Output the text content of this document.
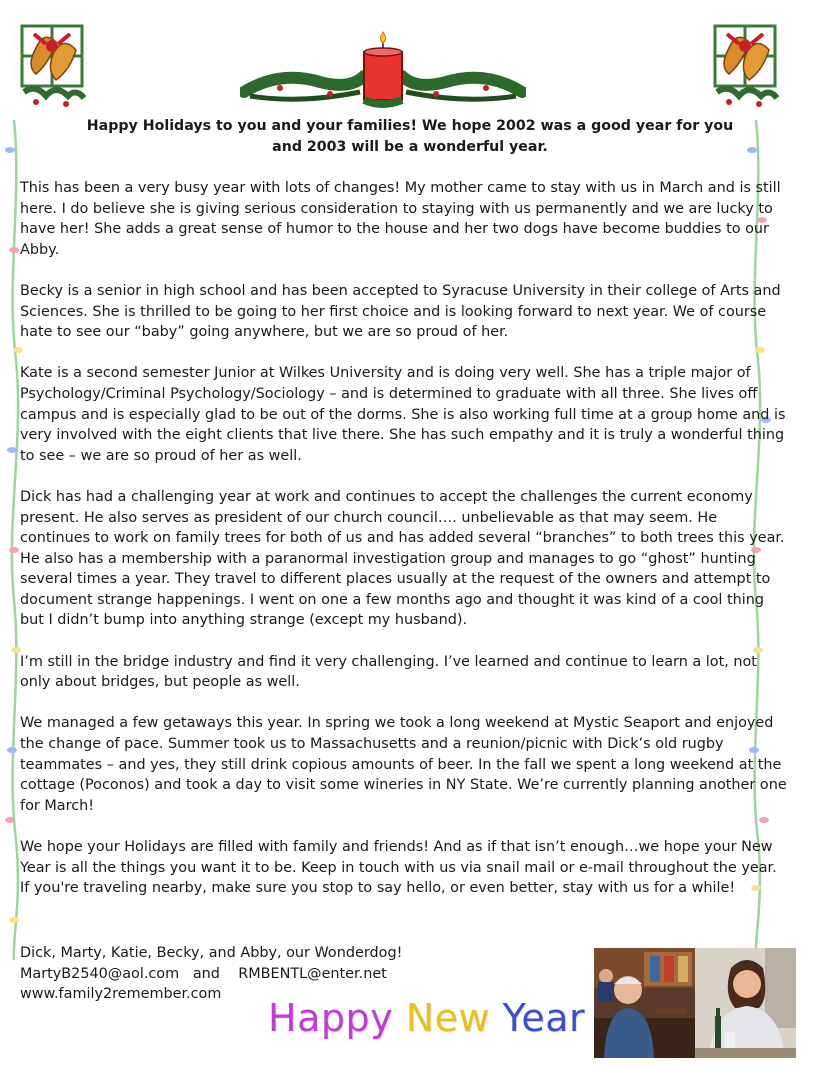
Happy Holidays to you and your families! We hope 2002 was a good year for you
and 2003 will be a wonderful year.

This has been a very busy year with lots of changes! My mother came to stay with us in March and is still here. I do believe she is giving serious consideration to staying with us permanently and we are lucky to have her! She adds a great sense of humor to the house and her two dogs have become buddies to our Abby.

Becky is a senior in high school and has been accepted to Syracuse University in their college of Arts and Sciences. She is thrilled to be going to her first choice and is looking forward to next year. We of course hate to see our “baby” going anywhere, but we are so proud of her.

Kate is a second semester Junior at Wilkes University and is doing very well. She has a triple major of Psychology/Criminal Psychology/Sociology – and is determined to graduate with all three. She lives off campus and is especially glad to be out of the dorms. She is also working full time at a group home and is very involved with the eight clients that live there. She has such empathy and it is truly a wonderful thing to see – we are so proud of her as well.

Dick has had a challenging year at work and continues to accept the challenges the current economy present. He also serves as president of our church council…. unbelievable as that may seem. He continues to work on family trees for both of us and has added several “branches” to both trees this year. He also has a membership with a paranormal investigation group and manages to go “ghost” hunting several times a year. They travel to different places usually at the request of the owners and attempt to document strange happenings. I went on one a few months ago and thought it was kind of a cool thing but I didn’t bump into anything strange (except my husband).

I’m still in the bridge industry and find it very challenging. I’ve learned and continue to learn a lot, not only about bridges, but people as well.

We managed a few getaways this year. In spring we took a long weekend at Mystic Seaport and enjoyed the change of pace. Summer took us to Massachusetts and a reunion/picnic with Dick’s old rugby teammates – and yes, they still drink copious amounts of beer. In the fall we spent a long weekend at the cottage (Poconos) and took a day to visit some wineries in NY State. We’re currently planning another one for March!

We hope your Holidays are filled with family and friends! And as if that isn’t enough…we hope your New Year is all the things you want it to be. Keep in touch with us via snail mail or e-mail throughout the year. If you're traveling nearby, make sure you stop to say hello, or even better, stay with us for a while!

Dick, Marty, Katie, Becky, and Abby, our Wonderdog!
MartyB2540@aol.com   and    RMBENTL@enter.net
www.family2remember.com
Happy New Year
